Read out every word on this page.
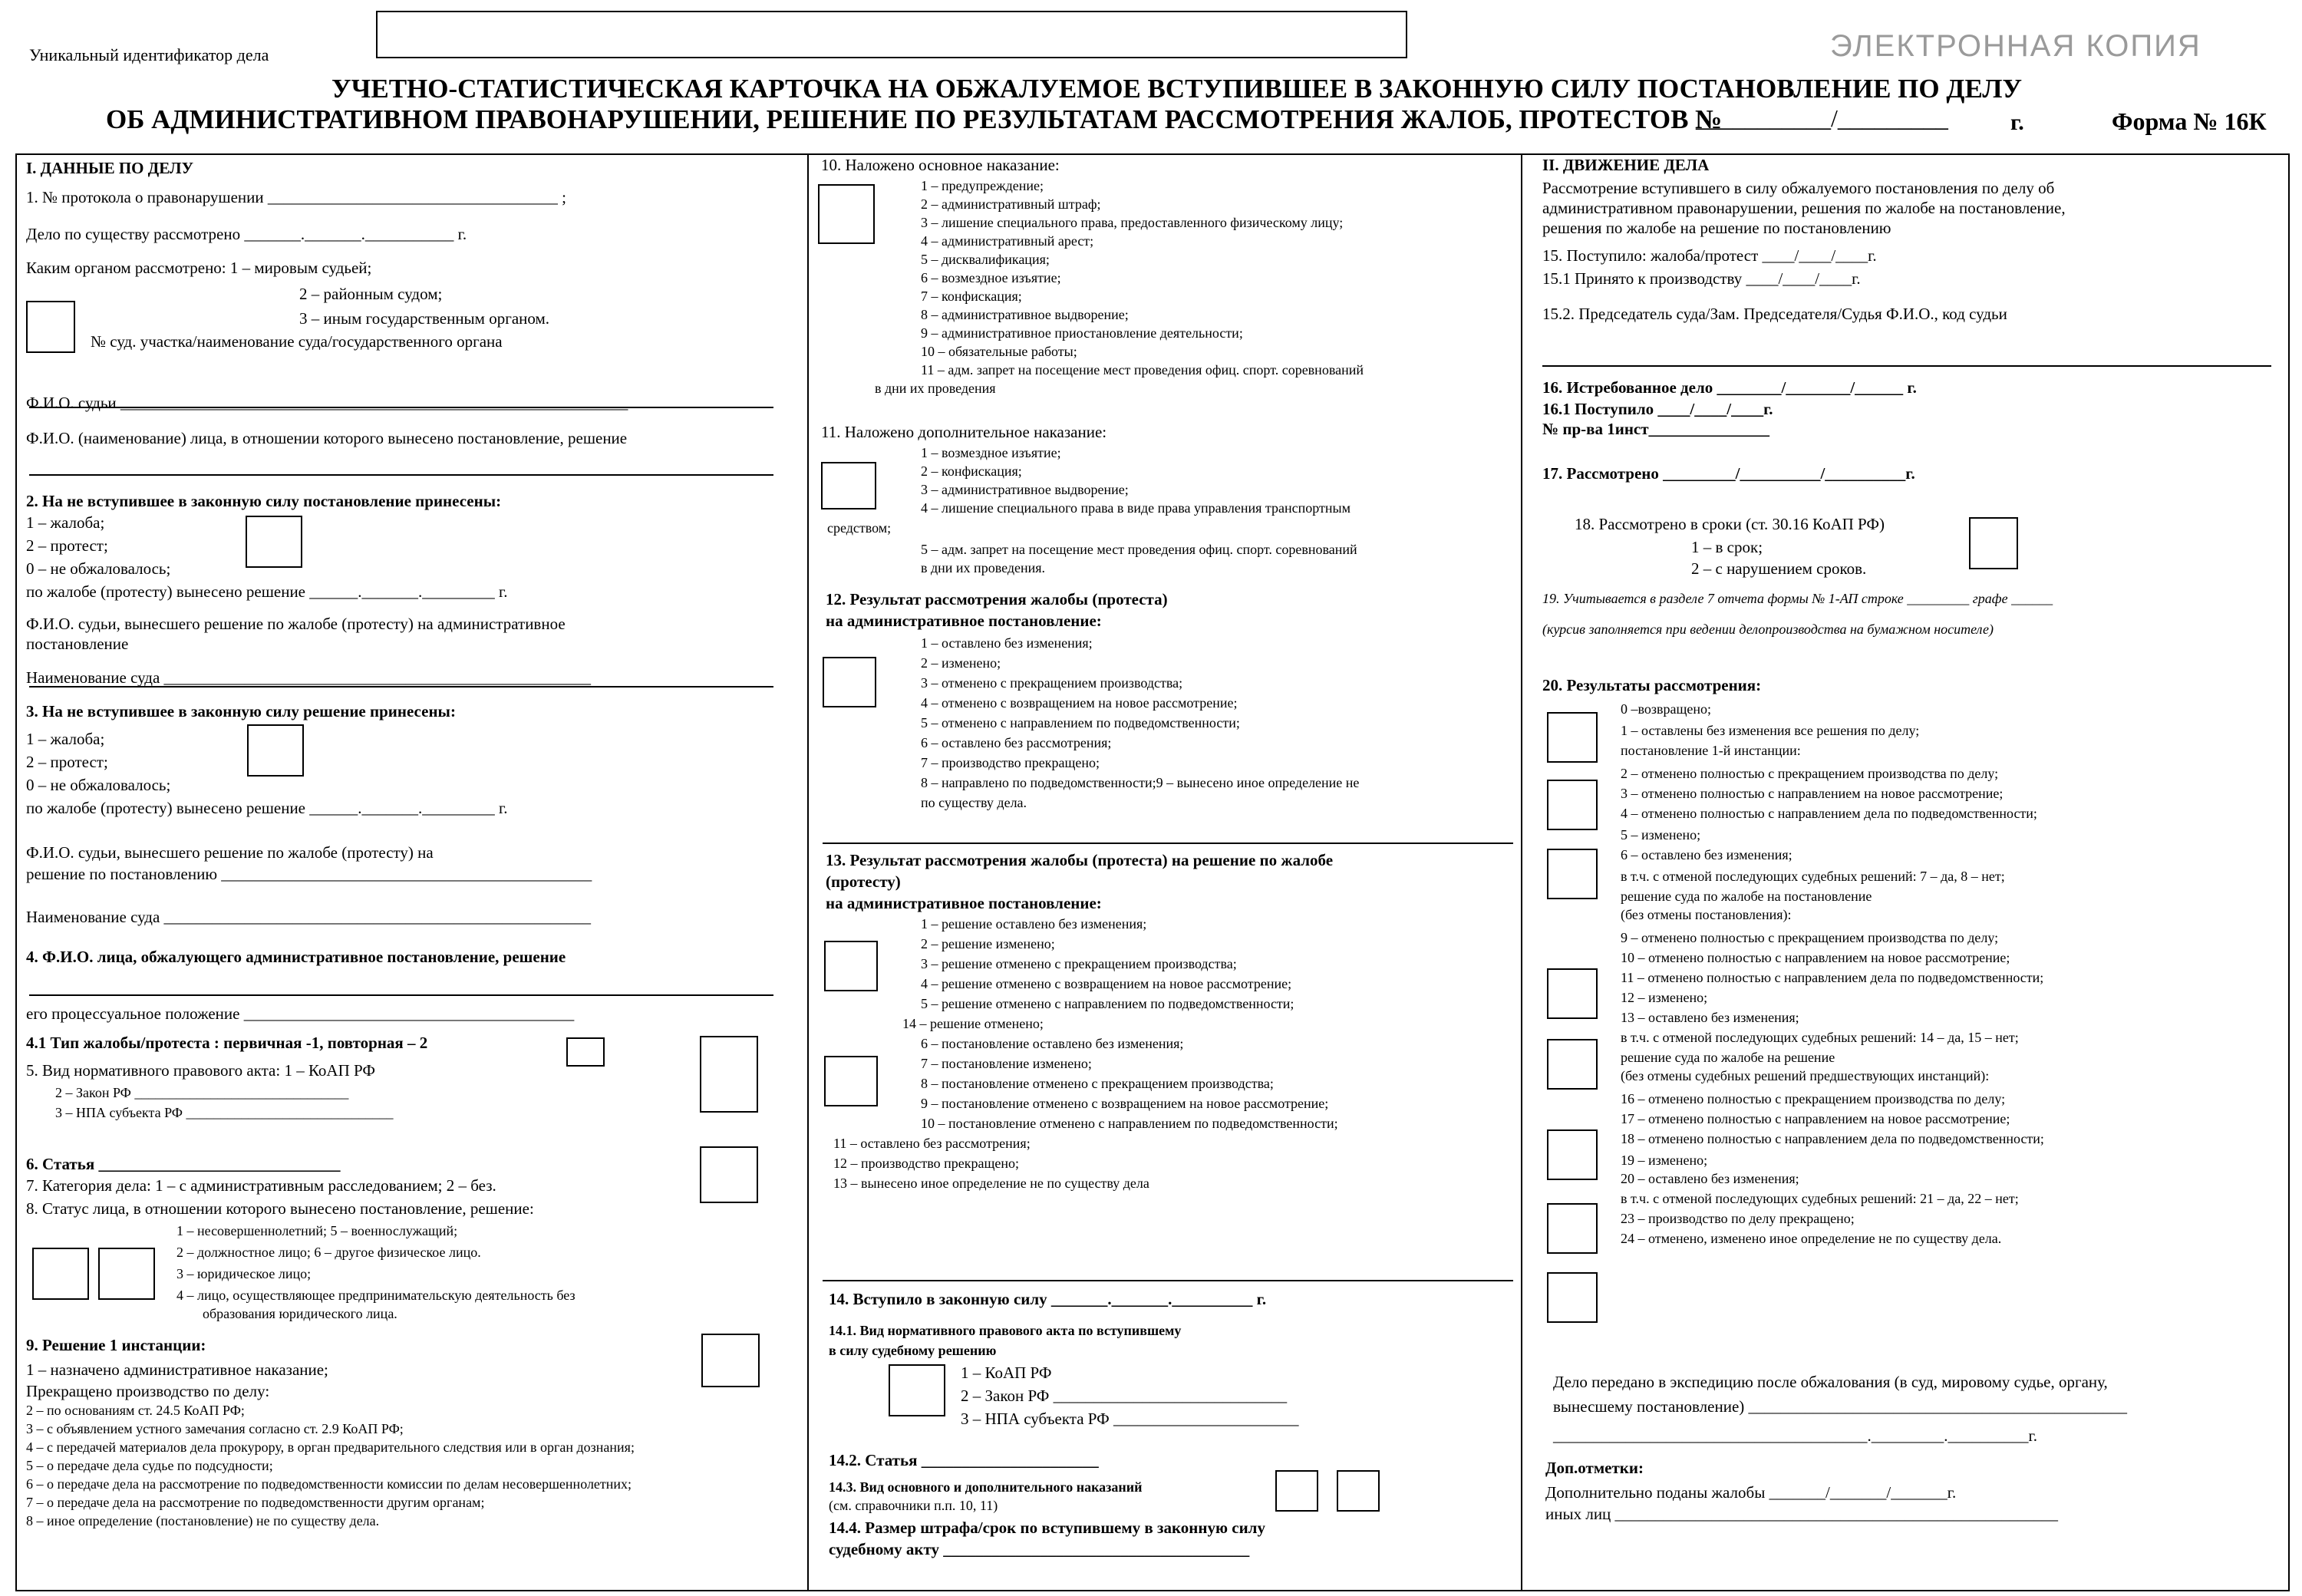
Уникальный идентификатор дела	ЭЛЕКТРОННАЯ КОПИЯ
УЧЕТНО-СТАТИСТИЧЕСКАЯ КАРТОЧКА НА ОБЖАЛУЕМОЕ ВСТУПИВШЕЕ В ЗАКОННУЮ СИЛУ ПОСТАНОВЛЕНИЕ ПО ДЕЛУ
ОБ АДМИНИСТРАТИВНОМ ПРАВОНАРУШЕНИИ, РЕШЕНИЕ ПО РЕЗУЛЬТАТАМ РАССМОТРЕНИЯ ЖАЛОБ, ПРОТЕСТОВ №
___________/_________	г.	Форма № 16К
I. ДАННЫЕ ПО ДЕЛУ
1. № протокола о правонарушении ____________________________________ ;
Дело по существу рассмотрено _______._______.___________ г.
Каким органом рассмотрено: 1 – мировым судьей;
2 – районным судом;
3 – иным государственным органом.
№ суд. участка/наименование суда/государственного органа
Ф.И.О. судьи _______________________________________________________________
Ф.И.О. (наименование) лица, в отношении которого вынесено постановление, решение
2. На не вступившее в законную силу постановление принесены:
1 – жалоба;
2 – протест;
0 – не обжаловалось;
по жалобе (протесту) вынесено решение ______._______._________ г.
Ф.И.О. судьи, вынесшего решение по жалобе (протесту) на административное
постановление
Наименование суда _____________________________________________________
3. На не вступившее в законную силу решение принесены:
1 – жалоба;
2 – протест;
0 – не обжаловалось;
по жалобе (протесту) вынесено решение ______._______._________ г.
Ф.И.О. судьи, вынесшего решение по жалобе (протесту) на
решение по постановлению ______________________________________________
Наименование суда _____________________________________________________
4. Ф.И.О. лица, обжалующего административное постановление, решение
его процессуальное положение _________________________________________
4.1 Тип жалобы/протеста : первичная -1, повторная – 2
5. Вид нормативного правового акта: 1 – КоАП РФ
2 – Закон РФ _______________________________
3 – НПА субъекта РФ ______________________________
6. Статья ______________________________
7. Категория дела: 1 – с административным расследованием; 2 – без.
8. Статус лица, в отношении которого вынесено постановление, решение:
1 – несовершеннолетний; 5 – военнослужащий;
2 – должностное лицо; 6 – другое физическое лицо.
3 – юридическое лицо;
4 – лицо, осуществляющее предпринимательскую деятельность без
образования юридического лица.
9. Решение 1 инстанции:
1 – назначено административное наказание;
Прекращено производство по делу:
2 – по основаниям ст. 24.5 КоАП РФ;
3 – с объявлением устного замечания согласно ст. 2.9 КоАП РФ;
4 – с передачей материалов дела прокурору, в орган предварительного следствия или в орган дознания;
5 – о передаче дела судье по подсудности;
6 – о передаче дела на рассмотрение по подведомственности комиссии по делам несовершеннолетних;
7 – о передаче дела на рассмотрение по подведомственности другим органам;
8 – иное определение (постановление) не по существу дела.
10. Наложено основное наказание:
1 – предупреждение;
2 – административный штраф;
3 – лишение специального права, предоставленного физическому лицу;
4 – административный арест;
5 – дисквалификация;
6 – возмездное изъятие;
7 – конфискация;
8 – административное выдворение;
9 – административное приостановление деятельности;
10 – обязательные работы;
11 – адм. запрет на посещение мест проведения офиц. спорт. соревнований
в дни их проведения
11. Наложено дополнительное наказание:
1 – возмездное изъятие;
2 – конфискация;
3 – административное выдворение;
4 – лишение специального права в виде права управления транспортным
средством;
5 – адм. запрет на посещение мест проведения офиц. спорт. соревнований
в дни их проведения.
12. Результат рассмотрения жалобы (протеста)
на административное постановление:
1 – оставлено без изменения;
2 – изменено;
3 – отменено с прекращением производства;
4 – отменено с возвращением на новое рассмотрение;
5 – отменено с направлением по подведомственности;
6 – оставлено без рассмотрения;
7 – производство прекращено;
8 – направлено по подведомственности;9 – вынесено иное определение не
по существу дела.
13. Результат рассмотрения жалобы (протеста) на решение по жалобе
(протесту)
на административное постановление:
1 – решение оставлено без изменения;
2 – решение изменено;
3 – решение отменено с прекращением производства;
4 – решение отменено с возвращением на новое рассмотрение;
5 – решение отменено с направлением по подведомственности;
14 – решение отменено;
6 – постановление оставлено без изменения;
7 – постановление изменено;
8 – постановление отменено с прекращением производства;
9 – постановление отменено с возвращением на новое рассмотрение;
10 – постановление отменено с направлением по подведомственности;
11 – оставлено без рассмотрения;
12 – производство прекращено;
13 – вынесено иное определение не по существу дела
14. Вступило в законную силу _______._______.__________ г.
14.1. Вид нормативного правового акта по вступившему
в силу судебному решению
1 – КоАП РФ
2 – Закон РФ _____________________________
3 – НПА субъекта РФ _______________________
14.2. Статья ______________________
14.3. Вид основного и дополнительного наказаний
(см. справочники п.п. 10, 11)
14.4. Размер штрафа/срок по вступившему в законную силу
судебному акту ______________________________________
II. ДВИЖЕНИЕ ДЕЛА
Рассмотрение вступившего в силу обжалуемого постановления по делу об
административном правонарушении, решения по жалобе на постановление,
решения по жалобе на решение по постановлению
15. Поступило: жалоба/протест ____/____/____г.
15.1 Принято к производству ____/____/____г.
15.2. Председатель суда/Зам. Председателя/Судья Ф.И.О., код судьи
16. Истребованное дело ________/________/______ г.
16.1 Поступило ____/____/____г.
№ пр-ва 1инст_______________
17. Рассмотрено _________/__________/__________г.
18. Рассмотрено в сроки (ст. 30.16 КоАП РФ)
1 – в срок;
2 – с нарушением сроков.
19. Учитывается в разделе 7 отчета формы № 1-АП строке _________ графе ______
(курсив заполняется при ведении делопроизводства на бумажном носителе)
20. Результаты рассмотрения:
0 –возвращено;
1 – оставлены без изменения все решения по делу;
постановление 1-й инстанции:
2 – отменено полностью с прекращением производства по делу;
3 – отменено полностью с направлением на новое рассмотрение;
4 – отменено полностью с направлением дела по подведомственности;
5 – изменено;
6 – оставлено без изменения;
в т.ч. с отменой последующих судебных решений: 7 – да, 8 – нет;
решение суда по жалобе на постановление
(без отмены постановления):
9 – отменено полностью с прекращением производства по делу;
10 – отменено полностью с направлением на новое рассмотрение;
11 – отменено полностью с направлением дела по подведомственности;
12 – изменено;
13 – оставлено без изменения;
в т.ч. с отменой последующих судебных решений: 14 – да, 15 – нет;
решение суда по жалобе на решение
(без отмены судебных решений предшествующих инстанций):
16 – отменено полностью с прекращением производства по делу;
17 – отменено полностью с направлением на новое рассмотрение;
18 – отменено полностью с направлением дела по подведомственности;
19 – изменено;
20 – оставлено без изменения;
в т.ч. с отменой последующих судебных решений: 21 – да, 22 – нет;
23 – производство по делу прекращено;
24 – отменено, изменено иное определение не по существу дела.
Дело передано в экспедицию после обжалования (в суд, мировому судье, органу,
вынесшему постановление) _______________________________________________
_______________________________________._________.__________г.
Доп.отметки:
Дополнительно поданы жалобы _______/_______/_______г.
иных лиц _______________________________________________________
